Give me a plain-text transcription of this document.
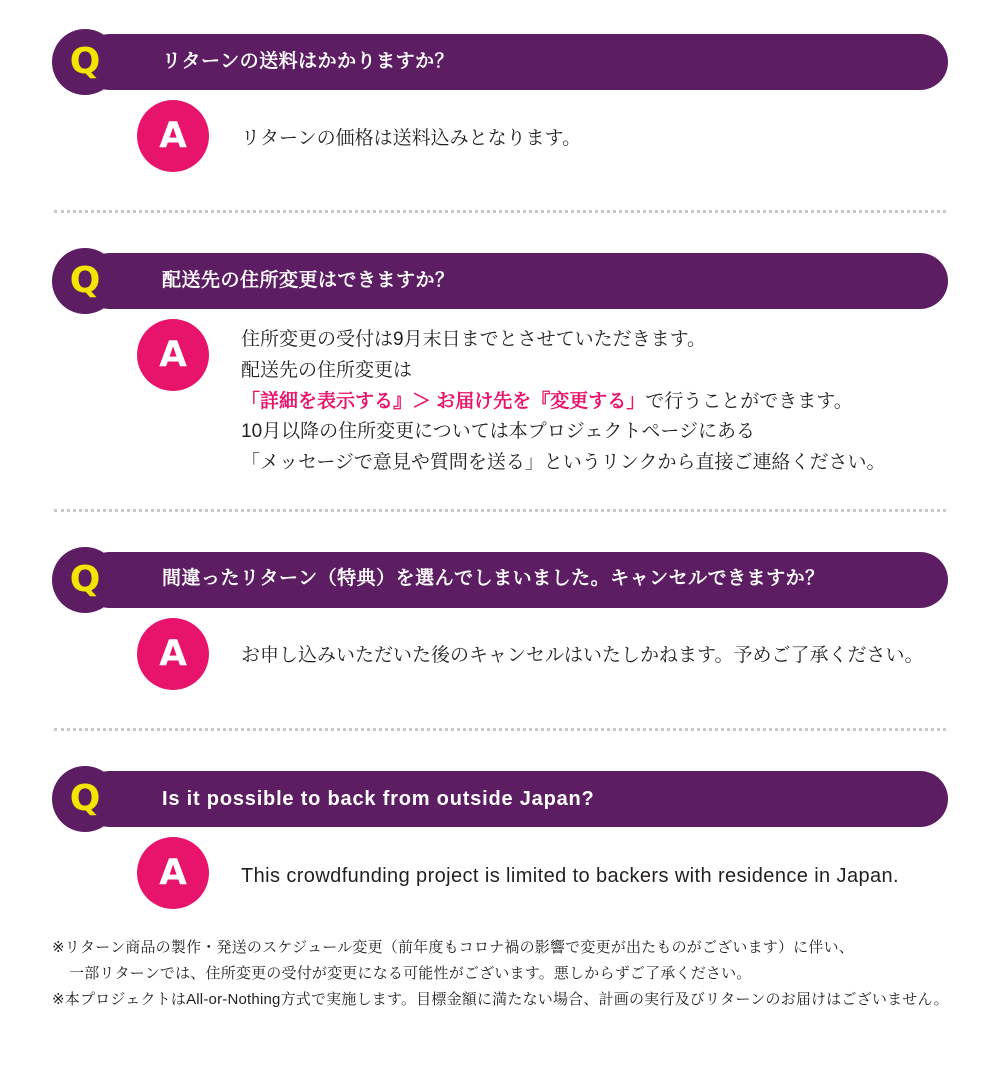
リターンの送料はかかりますか？
Q
A	リターンの価格は送料込みとなります。
配送先の住所変更はできますか？
Q
A	住所変更の受付は9月末日までとさせていただきます。
配送先の住所変更は
「詳細を表示する』＞ お届け先を『変更する」で行うことができます。
10月以降の住所変更については本プロジェクトページにある
「メッセージで意見や質問を送る」というリンクから直接ご連絡ください。
間違ったリターン（特典）を選んでしまいました。キャンセルできますか？
Q
A	お申し込みいただいた後のキャンセルはいたしかねます。予めご了承ください。
Is it possible to back from outside Japan?
Q
A	This crowdfunding project is limited to backers with residence in Japan.
※リターン商品の製作・発送のスケジュール変更（前年度もコロナ禍の影響で変更が出たものがございます）に伴い、
一部リターンでは、住所変更の受付が変更になる可能性がございます。悪しからずご了承ください。
※本プロジェクトはAll-or-Nothing方式で実施します。目標金額に満たない場合、計画の実行及びリターンのお届けはございません。
